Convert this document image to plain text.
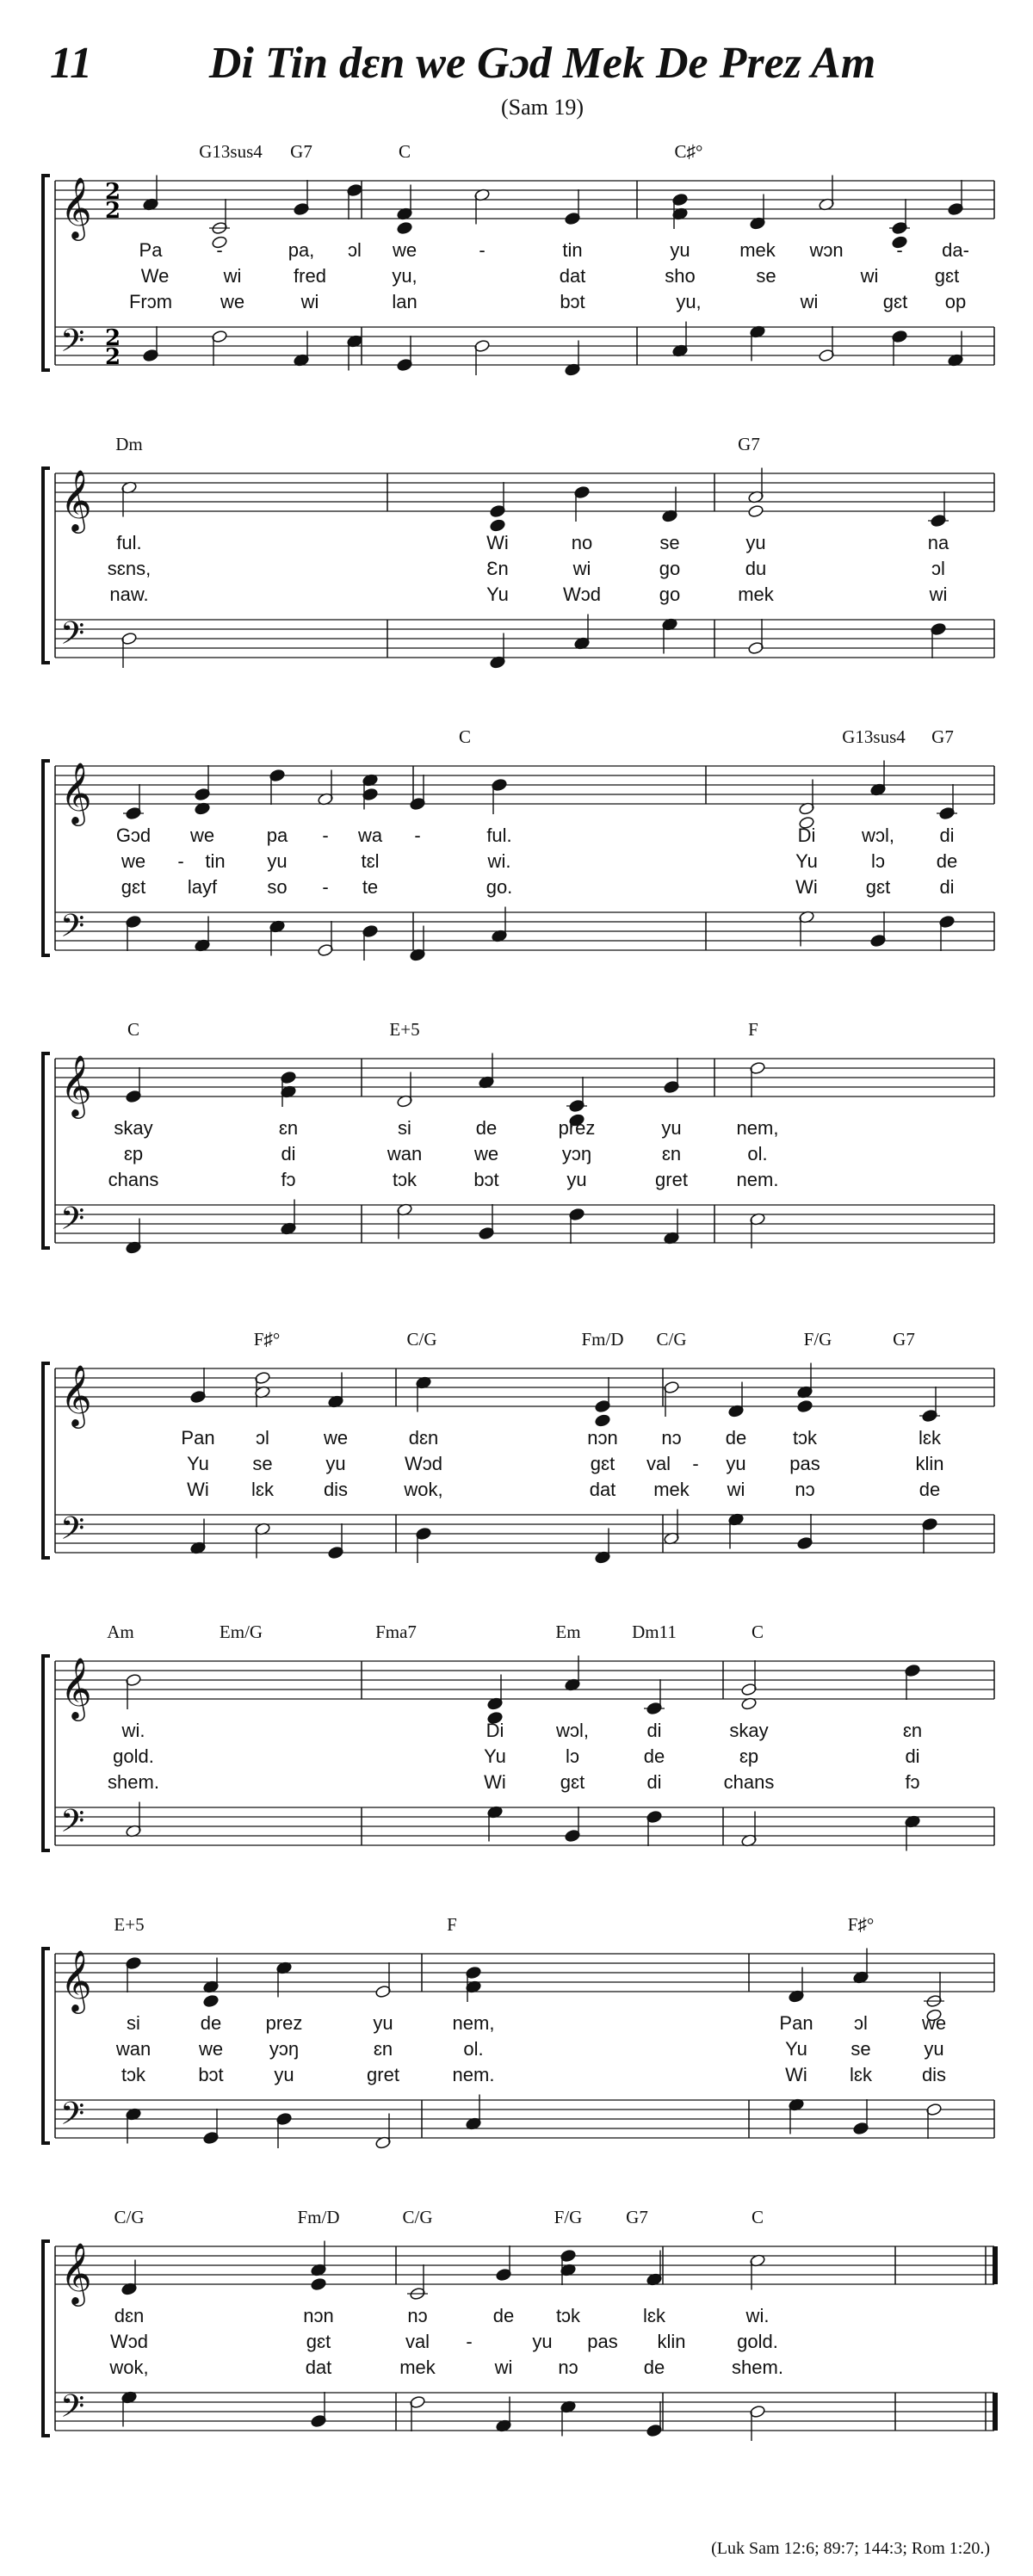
11	Di Tin dɛn we Gɔd Mek De Prez Am
(Sam 19)
𝄞 2
2
𝄢 2
2
G13sus4 G7	C	C♯°
Pa	-	pa, ɔl we	-	tin	yu	mek wɔn	- da-
We	wi	fred	yu,	dat	sho	se	wi	gɛt
Frɔm	we	wi	lan	bɔt	yu,	wi	gɛt op
𝄞
𝄢
Dm	G7
ful.	Wi	no	se	yu	na
sɛns,	Ɛn	wi	go	du	ɔl
naw.	Yu	Wɔd	go	mek	wi
𝄞
𝄢
C	G13sus4 G7
Gɔd we	pa - wa -	ful.	Di wɔl, di
we - tin yu	tɛl	wi.	Yu	lɔ	de
gɛt layf	so - te	go.	Wi	gɛt	di
𝄞
𝄢
C	E+5	F
skay	ɛn	si	de	prez	yu	nem,
ɛp	di	wan	we	yɔŋ	ɛn	ol.
chans	fɔ	tɔk	bɔt	yu	gret	nem.
𝄞
𝄢
F♯°	C/G	Fm/D C/G	F/G	G7
Pan ɔl	we	dɛn	nɔn nɔ de tɔk	lɛk
Yu se	yu	Wɔd	gɛt val - yu pas	klin
Wi lɛk	dis	wok,	dat mek wi	nɔ	de
𝄞
𝄢
Am	Em/G	Fma7	Em	Dm11	C
wi.	Di	wɔl,	di	skay	ɛn
gold.	Yu	lɔ	de	ɛp	di
shem.	Wi	gɛt	di	chans	fɔ
𝄞
𝄢
E+5	F	F♯°
si	de prez	yu	nem,	Pan ɔl	we
wan	we yɔŋ	ɛn	ol.	Yu se	yu
tɔk	bɔt	yu	gret	nem.	Wi lɛk	dis
𝄞
𝄢
C/G	Fm/D	C/G	F/G G7	C
dɛn	nɔn	nɔ	de tɔk	lɛk	wi.
Wɔd	gɛt	val -	yu pas klin	gold.
wok,	dat	mek	wi nɔ	de	shem.
(Luk Sam 12:6; 89:7; 144:3; Rom 1:20.)
